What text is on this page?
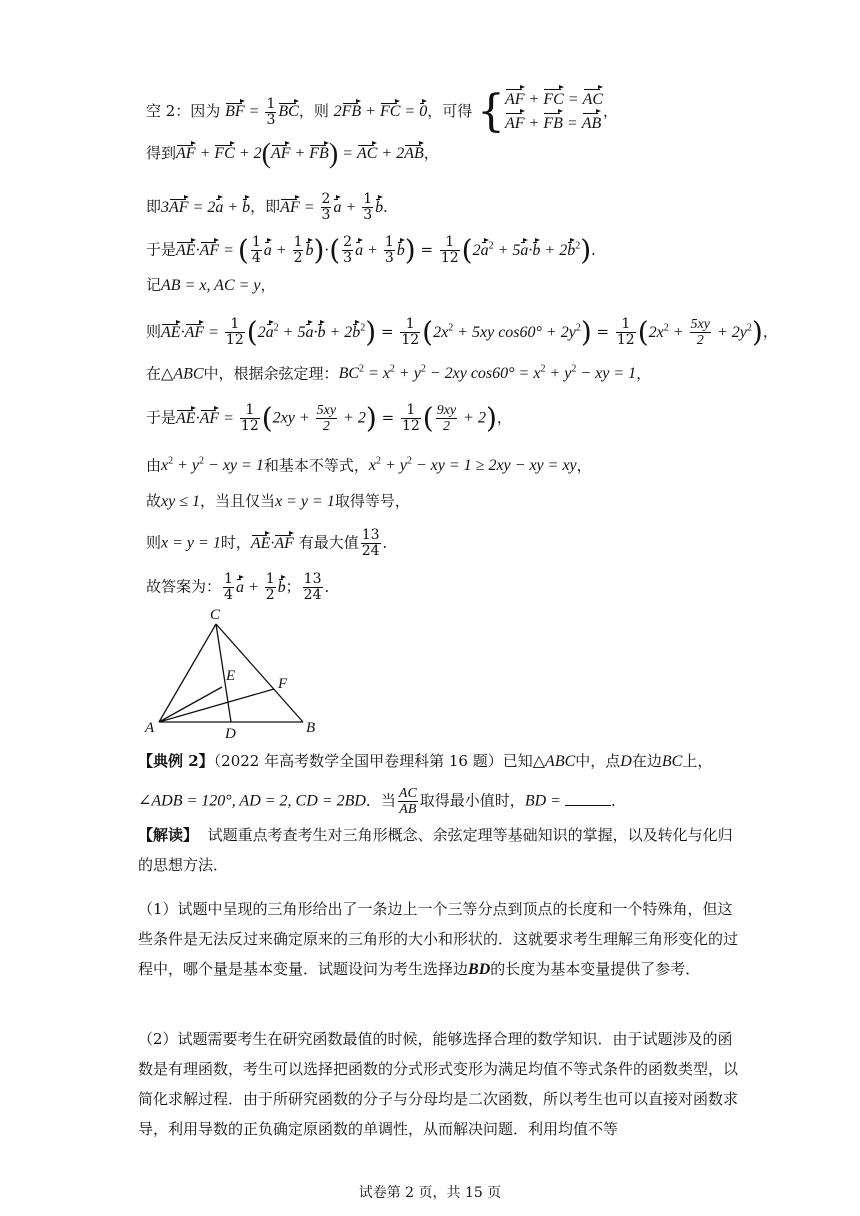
空 2：因为 BF = $\frac{1}{3}$ BC，则 2FB + FC = 0，可得 {AF + FC = AC
AF + FB = AB，
得到AF + FC + 2(AF + FB) = AC + 2AB，
即3AF = 2a + b，即AF = $\frac{2}{3}$ $a + \frac{1}{3}$ b．
于是AE·AF = ( $\frac{1}{4}$ $a + \frac{1}{2} b)\cdot( \frac{2}{3}$ $a + \frac{1}{3} b) = \frac{1}{12} (2a^2 + 5a\cdot b + 2b^2)$．
记AB = x, AC = y，
则$AE\cdot AF = \frac{1}{12} (2a^2 + 5a\cdot b + 2b^2) = \frac{1}{12} (2x^2 + 5xy$ $\cos 60^\circ + 2y^2) = \frac{1}{12} (2x^2 + \frac{5xy}{2} + 2y^2)$，
在△ABC中，根据余弦定理：$BC^2 = x^2 + y^2 - 2xy$ $\cos 60^\circ = x^2 + y^2$ − xy = 1，
于是$AE\cdot AF = \frac{1}{12} (2xy + \frac{5xy}{2} + 2) = \frac{1}{12}$ ( $\frac{9xy}{2} + 2$)，
由$x^2 + y^2$ − xy = 1和基本不等式，$x^2 + y^2$ − xy = 1 ≥ 2xy − xy = xy，
故xy ≤ 1，当且仅当x = y = 1取得等号，
则x = y = 1时，AE·AF 有最大值 $\frac{13}{24}$ ．
故答案为： $\frac{1}{4}$ $a + \frac{1}{2}$ b； $\frac{13}{24}$ ．
C
E	F
A	D	B
【典例 2】（2022 年高考数学全国甲卷理科第 16 题）已知△ABC中，点D在边BC上，
∠ADB = 120°, AD = 2, CD = 2BD．当 $\frac{AC}{AB}$ 取得最小值时，BD =	．
【解读】 试题重点考查考生对三角形概念、余弦定理等基础知识的掌握，以及转化与化归的思想方法．
（1）试题中呈现的三角形给出了一条边上一个三等分点到顶点的长度和一个特殊角，但这些条件是无法反过来确定原来的三角形的大小和形状的．这就要求考生理解三角形变化的过程中，哪个量是基本变量．试题设问为考生选择边BD的长度为基本变量提供了参考．
（2）试题需要考生在研究函数最值的时候，能够选择合理的数学知识．由于试题涉及的函数是有理函数，考生可以选择把函数的分式形式变形为满足均值不等式条件的函数类型，以简化求解过程．由于所研究函数的分子与分母均是二次函数，所以考生也可以直接对函数求导，利用导数的正负确定原函数的单调性，从而解决问题．利用均值不等
试卷第 2 页，共 15 页
